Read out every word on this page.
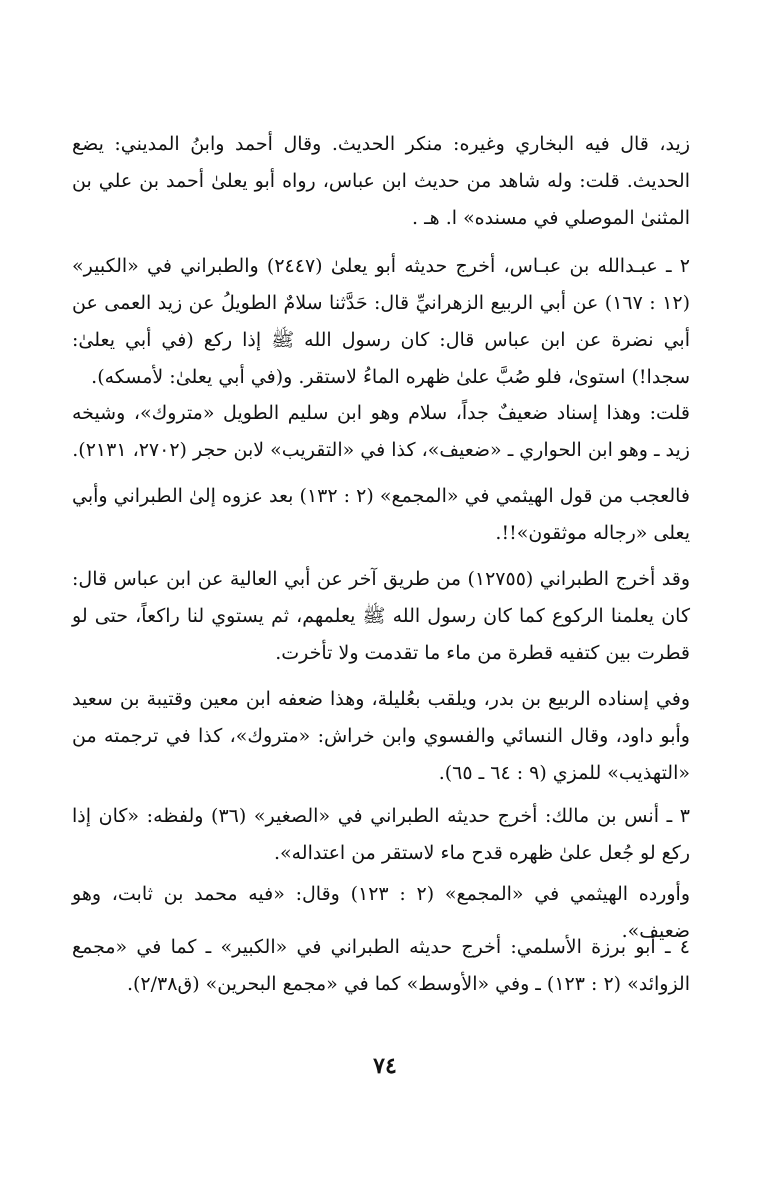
زيد، قال فيه البخاري وغيره: منكر الحديث. وقال أحمد وابنُ المديني: يضع الحديث. قلت: وله شاهد من حديث ابن عباس، رواه أبو يعلىٰ أحمد بن علي بن المثنىٰ الموصلي في مسنده» ا. هـ .

٢ ـ عبـدالله بن عبـاس، أخرج حديثه أبو يعلىٰ (٢٤٤٧) والطبراني في «الكبير» (١٢ : ١٦٧) عن أبي الربيع الزهرانيِّ قال: حَدَّثنا سلامٌ الطويلُ عن زيد العمى عن أبي نضرة عن ابن عباس قال: كان رسول الله ﷺ إذا ركع (في أبي يعلىٰ: سجدا!) استوىٰ، فلو صُبَّ علىٰ ظهره الماءُ لاستقر. و(في أبي يعلىٰ: لأمسكه).

قلت: وهذا إسناد ضعيفٌ جداً، سلام وهو ابن سليم الطويل «متروك»، وشيخه زيد ـ وهو ابن الحواري ـ «ضعيف»، كذا في «التقريب» لابن حجر (٢٧٠٢، ٢١٣١).

فالعجب من قول الهيثمي في «المجمع» (٢ : ١٣٢) بعد عزوه إلىٰ الطبراني وأبي يعلى «رجاله موثقون»!!.

وقد أخرج الطبراني (١٢٧٥٥) من طريق آخر عن أبي العالية عن ابن عباس قال: كان يعلمنا الركوع كما كان رسول الله ﷺ يعلمهم، ثم يستوي لنا راكعاً، حتى لو قطرت بين كتفيه قطرة من ماء ما تقدمت ولا تأخرت.

وفي إسناده الربيع بن بدر، ويلقب بعُليلة، وهذا ضعفه ابن معين وقتيبة بن سعيد وأبو داود، وقال النسائي والفسوي وابن خراش: «متروك»، كذا في ترجمته من «التهذيب» للمزي (٩ : ٦٤ ـ ٦٥).

٣ ـ أنس بن مالك: أخرج حديثه الطبراني في «الصغير» (٣٦) ولفظه: «كان إذا ركع لو جُعل علىٰ ظهره قدح ماء لاستقر من اعتداله».

وأورده الهيثمي في «المجمع» (٢ : ١٢٣) وقال: «فيه محمد بن ثابت، وهو ضعيف».

٤ ـ أبو برزة الأسلمي: أخرج حديثه الطبراني في «الكبير» ـ كما في «مجمع الزوائد» (٢ : ١٢٣) ـ وفي «الأوسط» كما في «مجمع البحرين» (ق٢/٣٨).

٧٤
